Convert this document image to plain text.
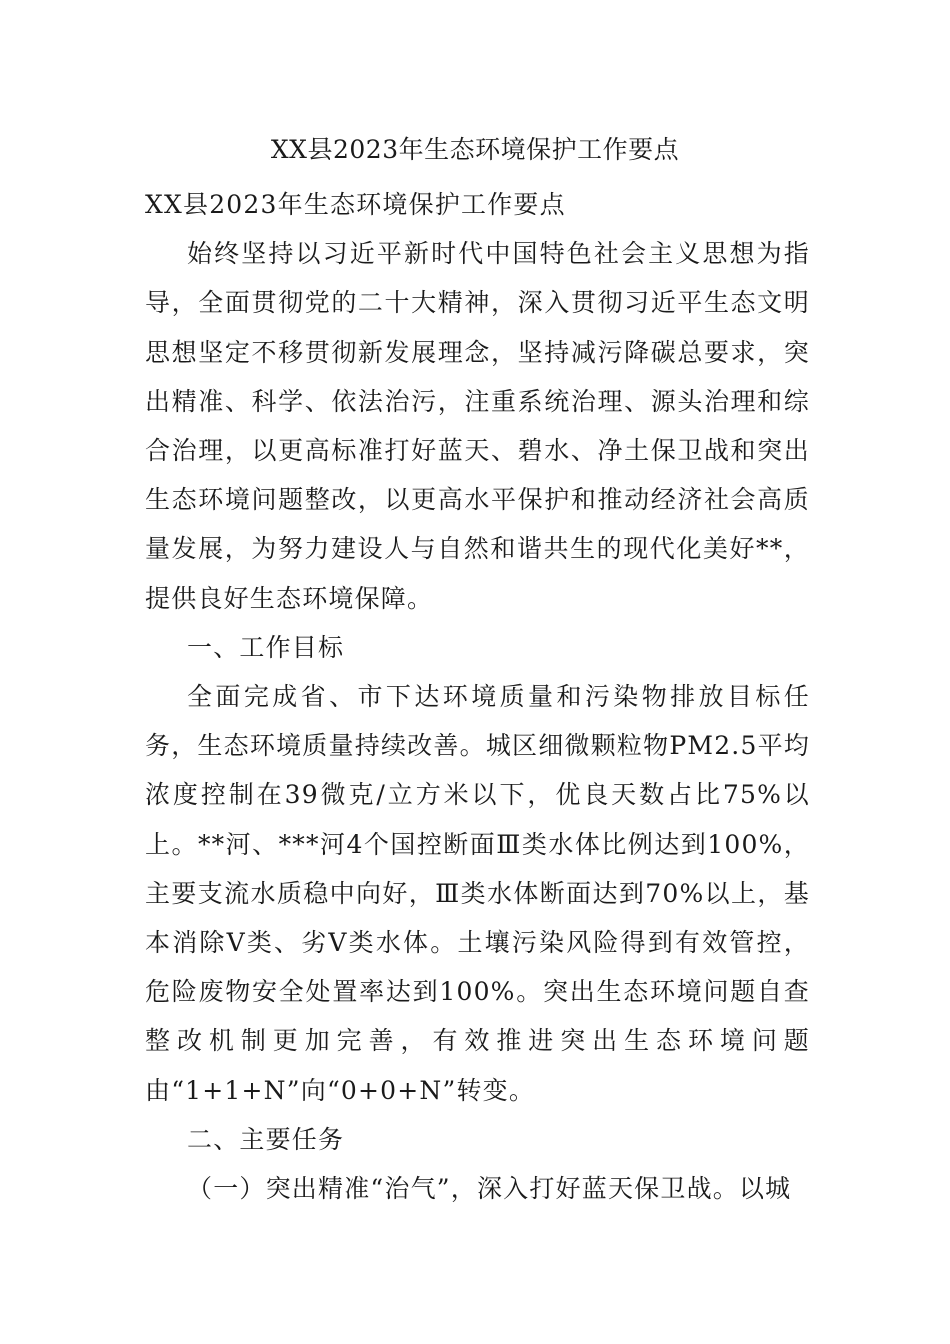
XX县2023年生态环境保护工作要点

XX县2023年生态环境保护工作要点

始终坚持以习近平新时代中国特色社会主义思想为指导，全面贯彻党的二十大精神，深入贯彻习近平生态文明思想坚定不移贯彻新发展理念，坚持减污降碳总要求，突出精准、科学、依法治污，注重系统治理、源头治理和综合治理，以更高标准打好蓝天、碧水、净土保卫战和突出生态环境问题整改，以更高水平保护和推动经济社会高质量发展，为努力建设人与自然和谐共生的现代化美好**，提供良好生态环境保障。

一、工作目标

全面完成省、市下达环境质量和污染物排放目标任务，生态环境质量持续改善。城区细微颗粒物PM2.5平均浓度控制在39微克/立方米以下，优良天数占比75%以上。**河、***河4个国控断面Ⅲ类水体比例达到100%，主要支流水质稳中向好，Ⅲ类水体断面达到70%以上，基本消除Ⅴ类、劣Ⅴ类水体。土壤污染风险得到有效管控，危险废物安全处置率达到100%。突出生态环境问题自查整改机制更加完善，有效推进突出生态环境问题由“1+1+N”向“0+0+N”转变。

二、主要任务

（一）突出精准“治气”，深入打好蓝天保卫战。以城
